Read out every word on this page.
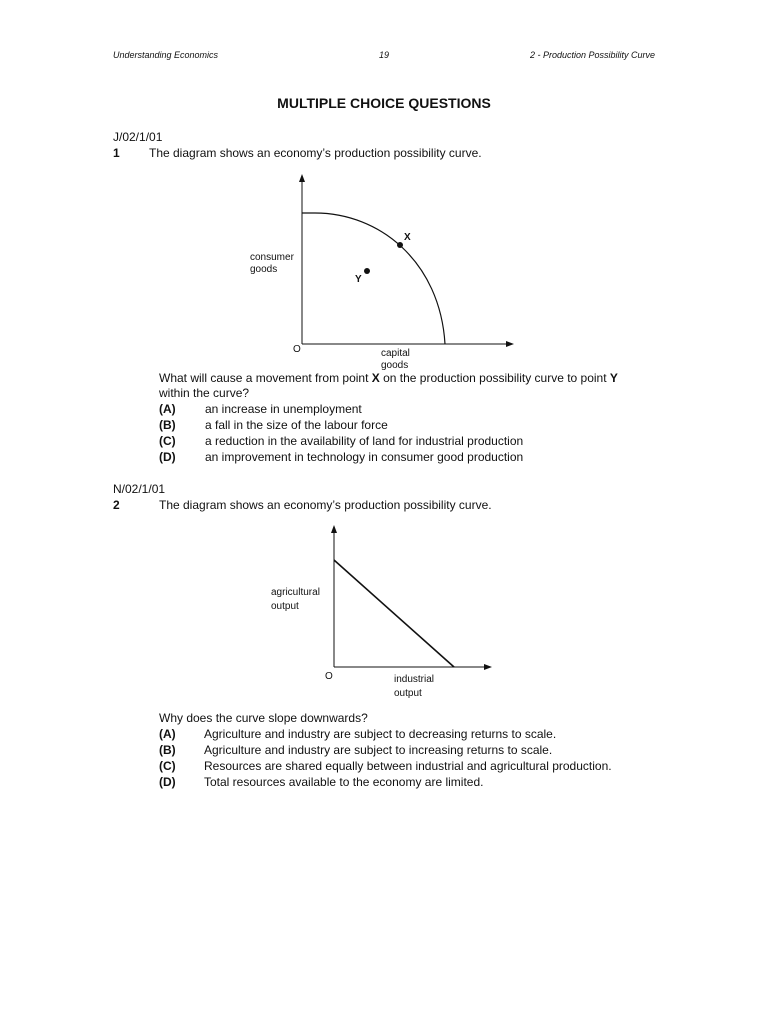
Understanding Economics	19	2 - Production Possibility Curve
MULTIPLE CHOICE QUESTIONS
J/02/1/01
1 The diagram shows an economy’s production possibility curve.
X
Y
consumer
goods
O	capital
goods
What will cause a movement from point X on the production possibility curve to point Y
within the curve?
(A) an increase in unemployment
(B) a fall in the size of the labour force
(C) a reduction in the availability of land for industrial production
(D) an improvement in technology in consumer good production
N/02/1/01
2	The diagram shows an economy’s production possibility curve.
agricultural
output
O	industrial
output
Why does the curve slope downwards?
(A) Agriculture and industry are subject to decreasing returns to scale.
(B) Agriculture and industry are subject to increasing returns to scale.
(C) Resources are shared equally between industrial and agricultural production.
(D) Total resources available to the economy are limited.
